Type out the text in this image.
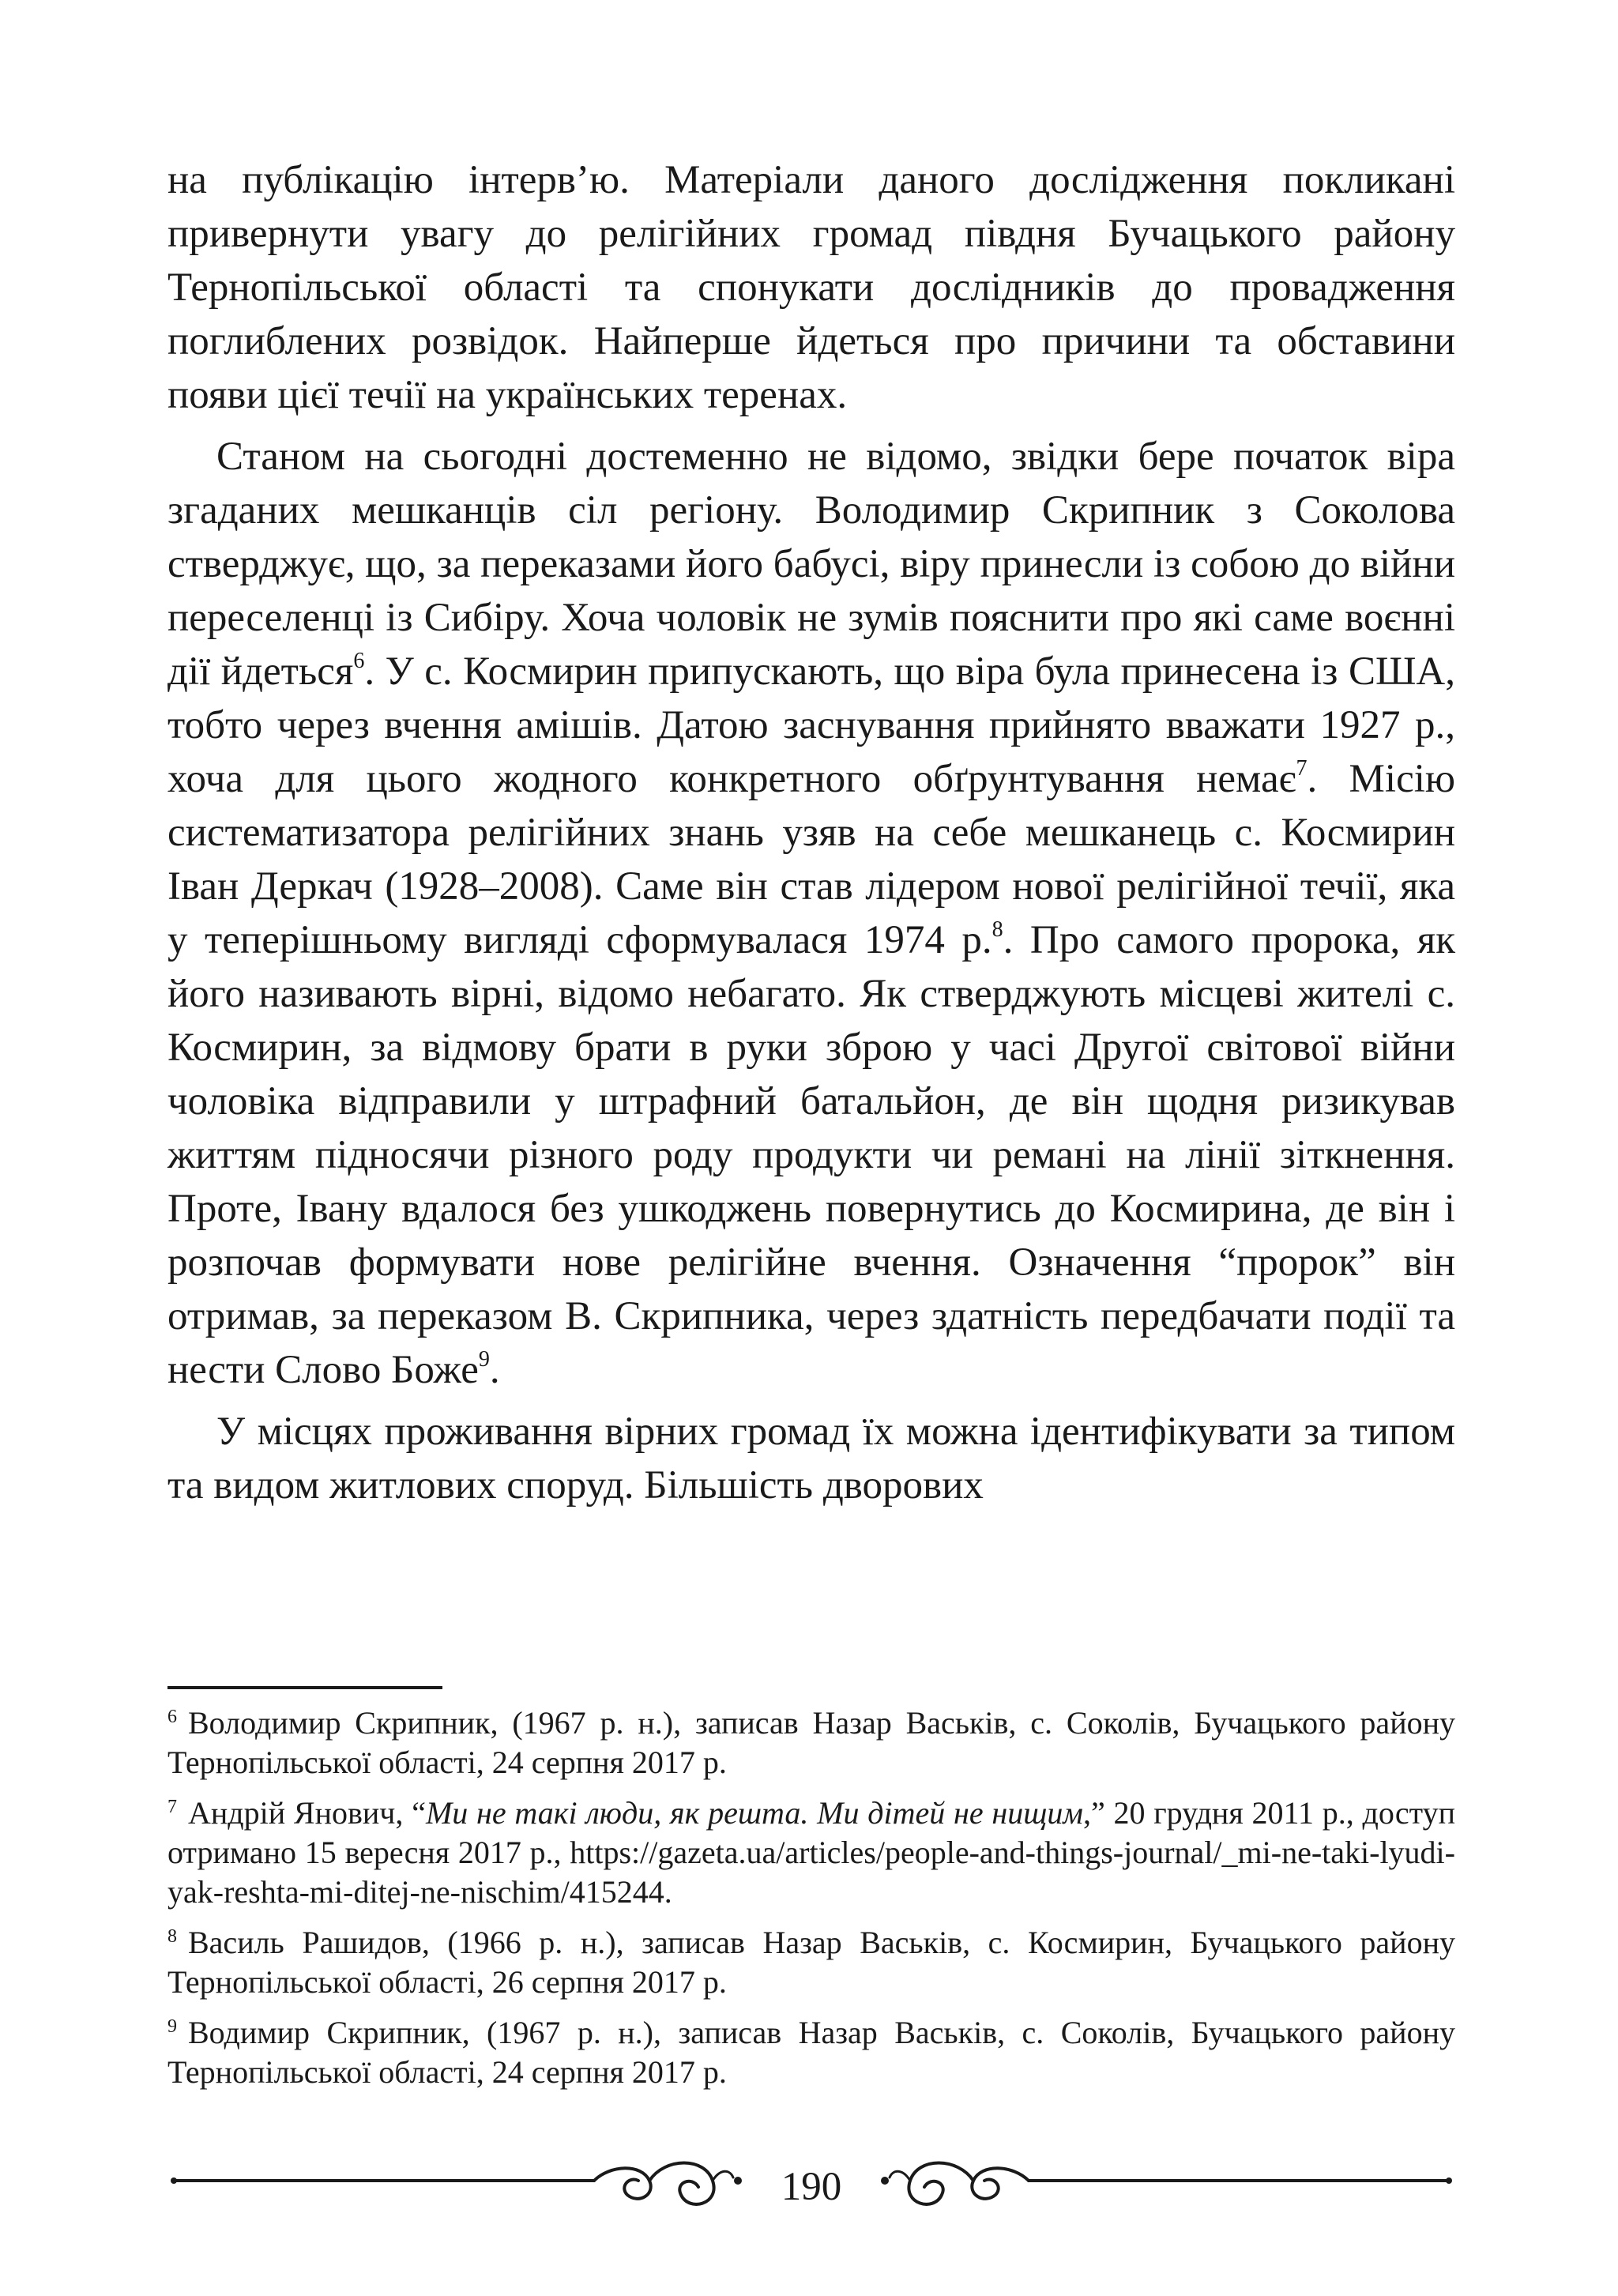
на публікацію інтерв’ю. Матеріали даного дослідження покликані привернути увагу до релігійних громад півдня Бучацького району Тернопільської області та спонукати дослідників до провадження поглиблених розвідок. Найперше йдеться про причини та обставини появи цієї течії на українських теренах.

Станом на сьогодні достеменно не відомо, звідки бере початок віра згаданих мешканців сіл регіону. Володимир Скрипник з Соколова стверджує, що, за переказами його бабусі, віру принесли із собою до війни переселенці із Сибіру. Хоча чоловік не зумів пояснити про які саме воєнні дії йдеться$^6$. У с. Космирин припускають, що віра була принесена із США, тобто через вчення амішів. Датою заснування прийнято вважати 1927 р., хоча для цього жодного конкретного обґрунтування немає$^7$. Місію систематизатора релігійних знань узяв на себе мешканець с. Космирин Іван Деркач (1928–2008). Саме він став лідером нової релігійної течії, яка у теперішньому вигляді сформувалася 1974 р.$^8$. Про самого пророка, як його називають вірні, відомо небагато. Як стверджують місцеві жителі с. Космирин, за відмову брати в руки зброю у часі Другої світової війни чоловіка відправили у штрафний батальйон, де він щодня ризикував життям підносячи різного роду продукти чи ремані на лінії зіткнення. Проте, Івану вдалося без ушкоджень повернутись до Космирина, де він і розпочав формувати нове релігійне вчення. Означення “пророк” він отримав, за переказом В. Скрипника, через здатність передбачати події та нести Слово Боже$^9$.

У місцях проживання вірних громад їх можна ідентифікувати за типом та видом житлових споруд. Більшість дворових

$^6$ Володимир Скрипник, (1967 р. н.), записав Назар Васьків, с. Соколів, Бучацького району Тернопільської області, 24 серпня 2017 р.

$^7$ Андрій Янович, “Ми не такі люди, як решта. Ми дітей не нищим,” 20 грудня 2011 р., доступ отримано 15 вересня 2017 р., https://gazeta.ua/articles/people-and-things-journal/_mi-ne-taki-lyudi-yak-reshta-mi-ditej-ne-nischim/415244.

$^8$ Василь Рашидов, (1966 р. н.), записав Назар Васьків, с. Космирин, Бучацького району Тернопільської області, 26 серпня 2017 р.

$^9$ Водимир Скрипник, (1967 р. н.), записав Назар Васьків, с. Соколів, Бучацького району Тернопільської області, 24 серпня 2017 р.

190
